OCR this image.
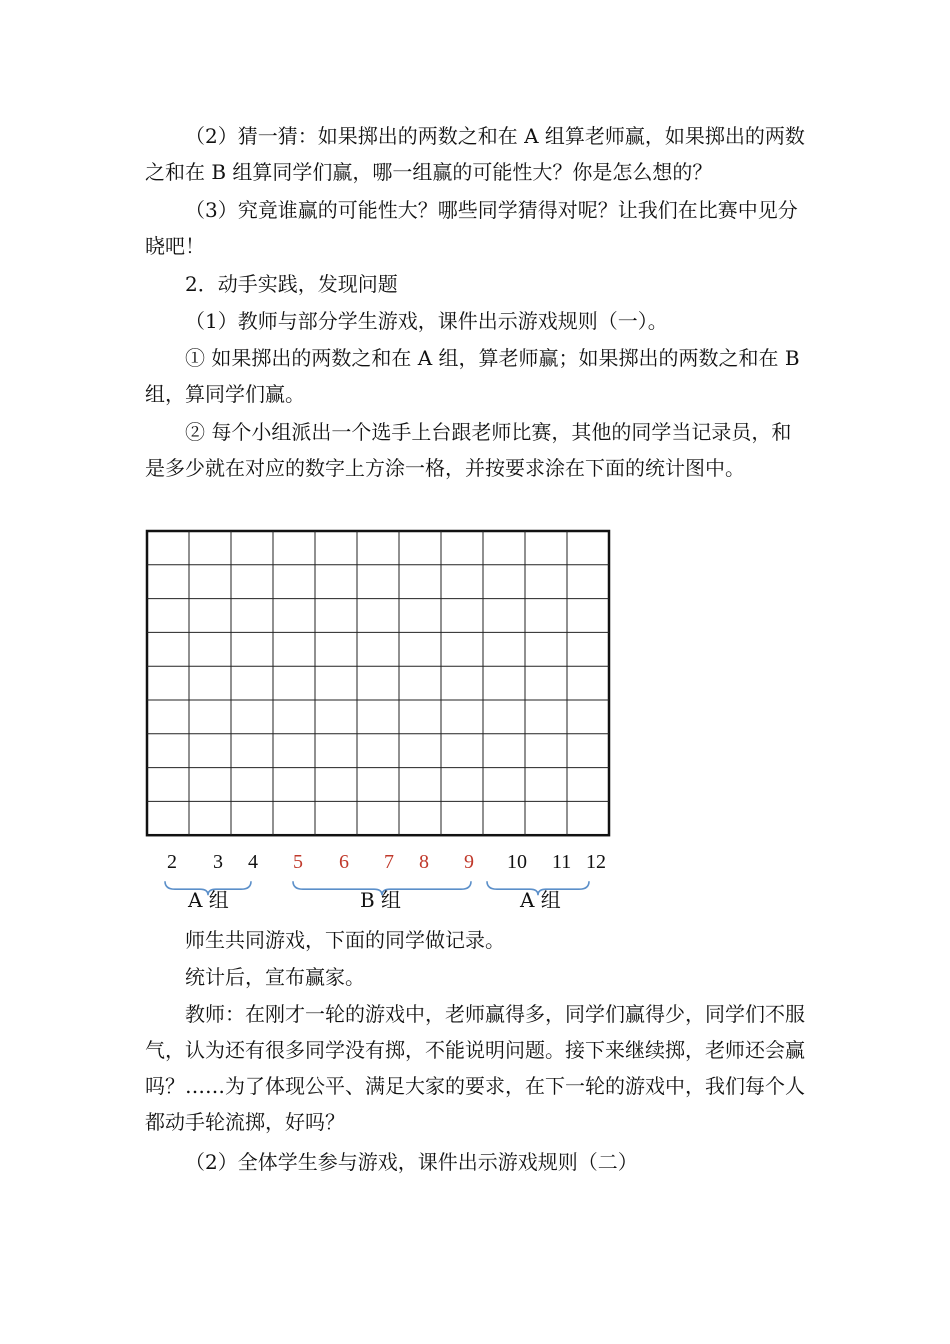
（2）猜一猜：如果掷出的两数之和在 A 组算老师赢，如果掷出的两数之和在 B 组算同学们赢，哪一组赢的可能性大？你是怎么想的？

（3）究竟谁赢的可能性大？哪些同学猜得对呢？让我们在比赛中见分晓吧！

2．动手实践，发现问题

（1）教师与部分学生游戏，课件出示游戏规则（一）。

① 如果掷出的两数之和在 A 组，算老师赢；如果掷出的两数之和在 B 组，算同学们赢。

② 每个小组派出一个选手上台跟老师比赛，其他的同学当记录员，和是多少就在对应的数字上方涂一格，并按要求涂在下面的统计图中。

2 3 4 5 6 7 8 9 10 11 12
A 组	B 组	A 组

师生共同游戏，下面的同学做记录。

统计后，宣布赢家。

教师：在刚才一轮的游戏中，老师赢得多，同学们赢得少，同学们不服气，认为还有很多同学没有掷，不能说明问题。接下来继续掷，老师还会赢吗？……为了体现公平、满足大家的要求，在下一轮的游戏中，我们每个人都动手轮流掷，好吗？

（2）全体学生参与游戏，课件出示游戏规则（二）
